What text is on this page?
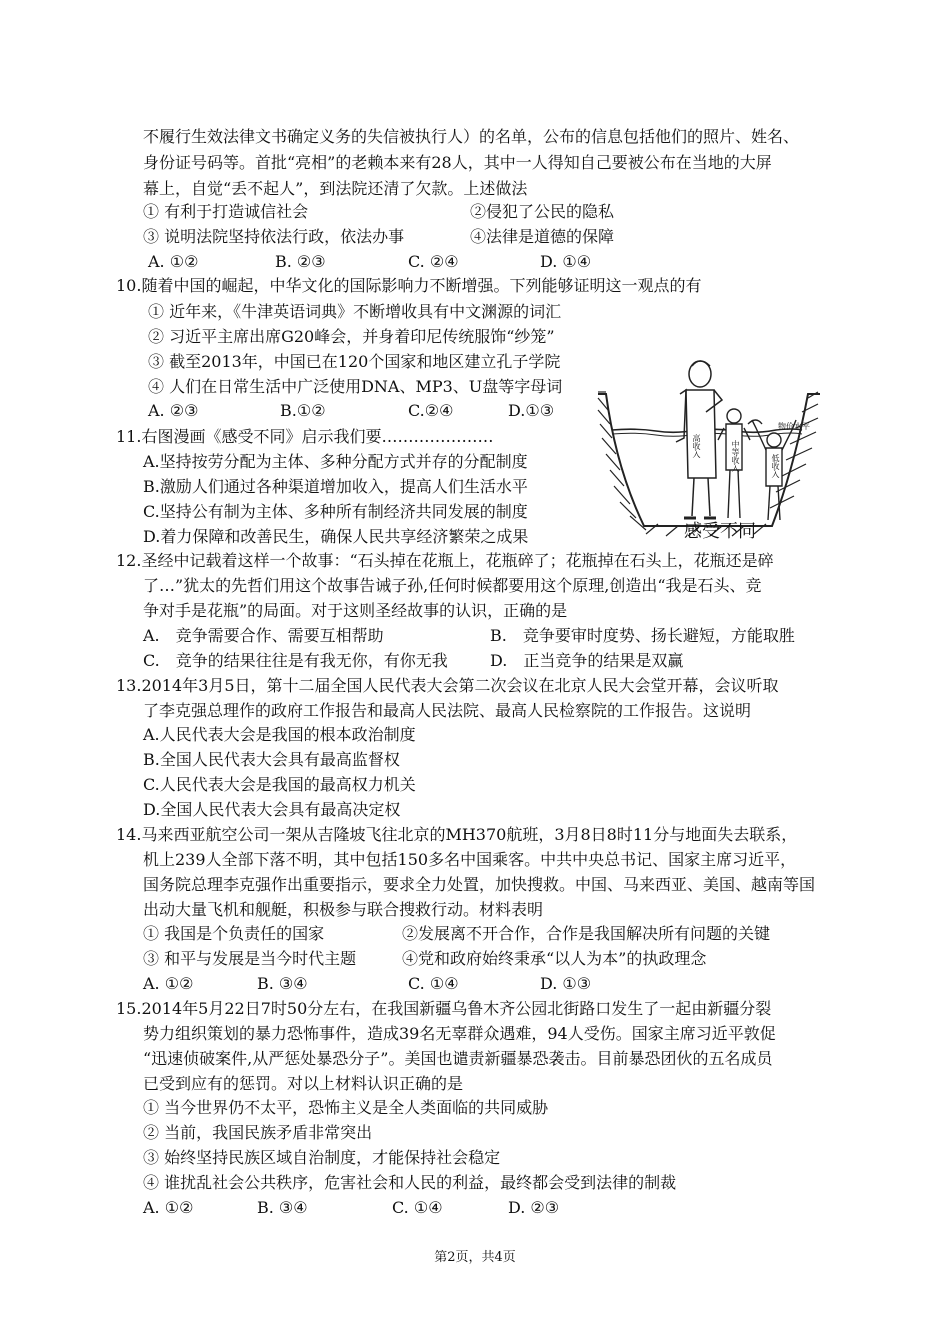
不履行生效法律文书确定义务的失信被执行人）的名单，公布的信息包括他们的照片、姓名、
身份证号码等。首批“亮相”的老赖本来有28人，其中一人得知自己要被公布在当地的大屏
幕上，自觉“丢不起人”，到法院还清了欠款。上述做法
① 有利于打造诚信社会	②侵犯了公民的隐私
③ 说明法院坚持依法行政，依法办事	④法律是道德的保障
A. ①②	B. ②③	C. ②④	D. ①④
10.随着中国的崛起，中华文化的国际影响力不断增强。下列能够证明这一观点的有
① 近年来，《牛津英语词典》不断增收具有中文渊源的词汇
② 习近平主席出席G20峰会，并身着印尼传统服饰“纱笼”
③ 截至2013年，中国已在120个国家和地区建立孔子学院
④ 人们在日常生活中广泛使用DNA、MP3、U盘等字母词
A. ②③	B.①②	C.②④	D.①③
11.右图漫画《感受不同》启示我们要…………………
A.坚持按劳分配为主体、多种分配方式并存的分配制度
B.激励人们通过各种渠道增加收入，提高人们生活水平
C.坚持公有制为主体、多种所有制经济共同发展的制度
D.着力保障和改善民生，确保人民共享经济繁荣之成果
高收入	中等收入	低收入
物价水平
感受不同
12.圣经中记载着这样一个故事：“石头掉在花瓶上，花瓶碎了；花瓶掉在石头上，花瓶还是碎
了…”犹太的先哲们用这个故事告诫子孙,任何时候都要用这个原理,创造出“我是石头、竞
争对手是花瓶”的局面。对于这则圣经故事的认识，正确的是
A.　竞争需要合作、需要互相帮助	B.　竞争要审时度势、扬长避短，方能取胜
C.　竞争的结果往往是有我无你，有你无我	D.　正当竞争的结果是双赢
13.2014年3月5日，第十二届全国人民代表大会第二次会议在北京人民大会堂开幕，会议听取
了李克强总理作的政府工作报告和最高人民法院、最高人民检察院的工作报告。这说明
A.人民代表大会是我国的根本政治制度
B.全国人民代表大会具有最高监督权
C.人民代表大会是我国的最高权力机关
D.全国人民代表大会具有最高决定权
14.马来西亚航空公司一架从吉隆坡飞往北京的MH370航班，3月8日8时11分与地面失去联系，
机上239人全部下落不明，其中包括150多名中国乘客。中共中央总书记、国家主席习近平，
国务院总理李克强作出重要指示，要求全力处置，加快搜救。中国、马来西亚、美国、越南等国
出动大量飞机和舰艇，积极参与联合搜救行动。材料表明
① 我国是个负责任的国家	②发展离不开合作，合作是我国解决所有问题的关键
③ 和平与发展是当今时代主题	④党和政府始终秉承“以人为本”的执政理念
A. ①②	B. ③④	C. ①④	D. ①③
15.2014年5月22日7时50分左右，在我国新疆乌鲁木齐公园北街路口发生了一起由新疆分裂
势力组织策划的暴力恐怖事件，造成39名无辜群众遇难，94人受伤。国家主席习近平敦促
“迅速侦破案件,从严惩处暴恐分子”。美国也谴责新疆暴恐袭击。目前暴恐团伙的五名成员
已受到应有的惩罚。对以上材料认识正确的是
① 当今世界仍不太平，恐怖主义是全人类面临的共同威胁
② 当前，我国民族矛盾非常突出
③ 始终坚持民族区域自治制度，才能保持社会稳定
④ 谁扰乱社会公共秩序，危害社会和人民的利益，最终都会受到法律的制裁
A. ①②	B. ③④	C. ①④	D. ②③
第2页，共4页
